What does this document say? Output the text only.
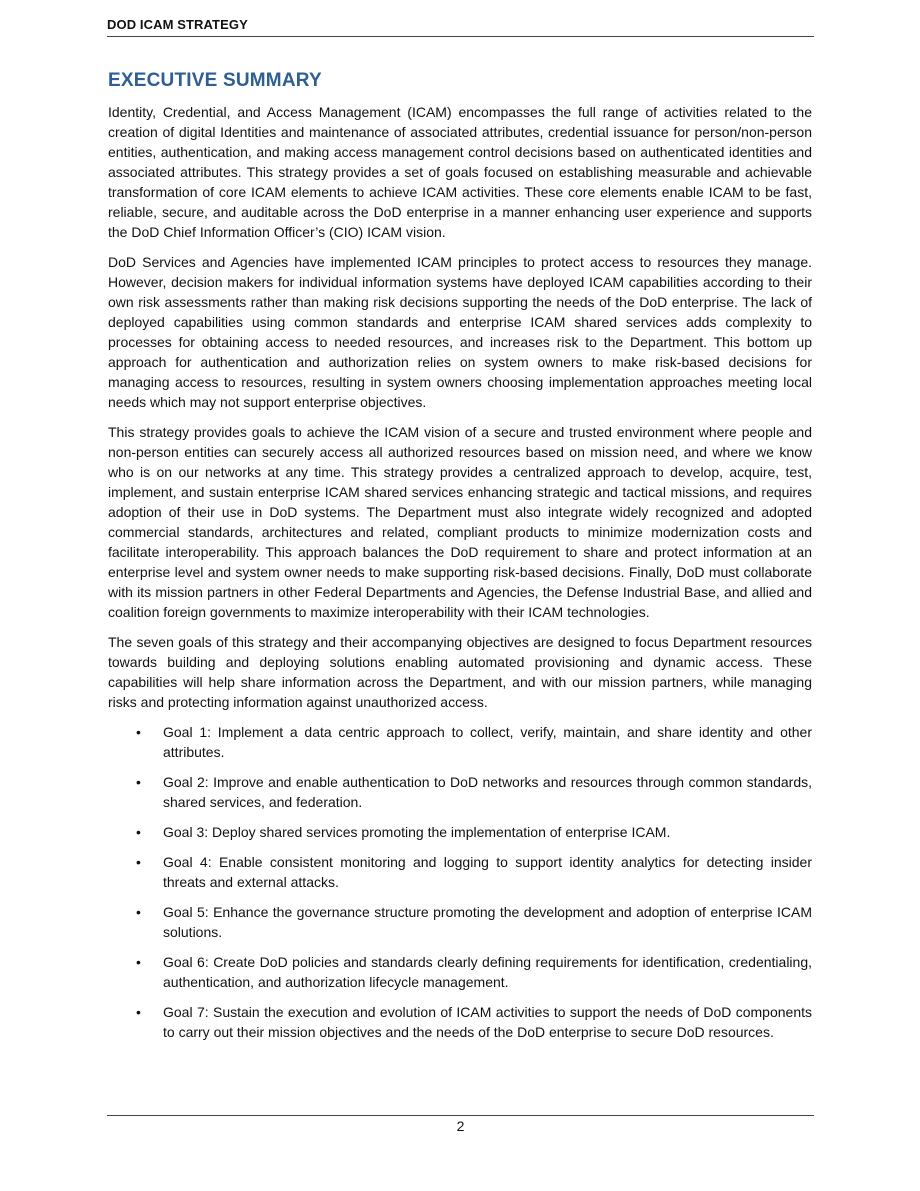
DOD ICAM STRATEGY
EXECUTIVE SUMMARY

Identity, Credential, and Access Management (ICAM) encompasses the full range of activities related to the creation of digital Identities and maintenance of associated attributes, credential issuance for person/non-person entities, authentication, and making access management control decisions based on authenticated identities and associated attributes. This strategy provides a set of goals focused on establishing measurable and achievable transformation of core ICAM elements to achieve ICAM activities. These core elements enable ICAM to be fast, reliable, secure, and auditable across the DoD enterprise in a manner enhancing user experience and supports the DoD Chief Information Officer’s (CIO) ICAM vision.

DoD Services and Agencies have implemented ICAM principles to protect access to resources they manage. However, decision makers for individual information systems have deployed ICAM capabilities according to their own risk assessments rather than making risk decisions supporting the needs of the DoD enterprise. The lack of deployed capabilities using common standards and enterprise ICAM shared services adds complexity to processes for obtaining access to needed resources, and increases risk to the Department. This bottom up approach for authentication and authorization relies on system owners to make risk-based decisions for managing access to resources, resulting in system owners choosing implementation approaches meeting local needs which may not support enterprise objectives.

This strategy provides goals to achieve the ICAM vision of a secure and trusted environment where people and non-person entities can securely access all authorized resources based on mission need, and where we know who is on our networks at any time. This strategy provides a centralized approach to develop, acquire, test, implement, and sustain enterprise ICAM shared services enhancing strategic and tactical missions, and requires adoption of their use in DoD systems. The Department must also integrate widely recognized and adopted commercial standards, architectures and related, compliant products to minimize modernization costs and facilitate interoperability. This approach balances the DoD requirement to share and protect information at an enterprise level and system owner needs to make supporting risk-based decisions. Finally, DoD must collaborate with its mission partners in other Federal Departments and Agencies, the Defense Industrial Base, and allied and coalition foreign governments to maximize interoperability with their ICAM technologies.

The seven goals of this strategy and their accompanying objectives are designed to focus Department resources towards building and deploying solutions enabling automated provisioning and dynamic access. These capabilities will help share information across the Department, and with our mission partners, while managing risks and protecting information against unauthorized access.

• Goal 1: Implement a data centric approach to collect, verify, maintain, and share identity and other attributes.
• Goal 2: Improve and enable authentication to DoD networks and resources through common standards, shared services, and federation.
• Goal 3: Deploy shared services promoting the implementation of enterprise ICAM.
• Goal 4: Enable consistent monitoring and logging to support identity analytics for detecting insider threats and external attacks.
• Goal 5: Enhance the governance structure promoting the development and adoption of enterprise ICAM solutions.
• Goal 6: Create DoD policies and standards clearly defining requirements for identification, credentialing, authentication, and authorization lifecycle management.
• Goal 7: Sustain the execution and evolution of ICAM activities to support the needs of DoD components to carry out their mission objectives and the needs of the DoD enterprise to secure DoD resources.
2
